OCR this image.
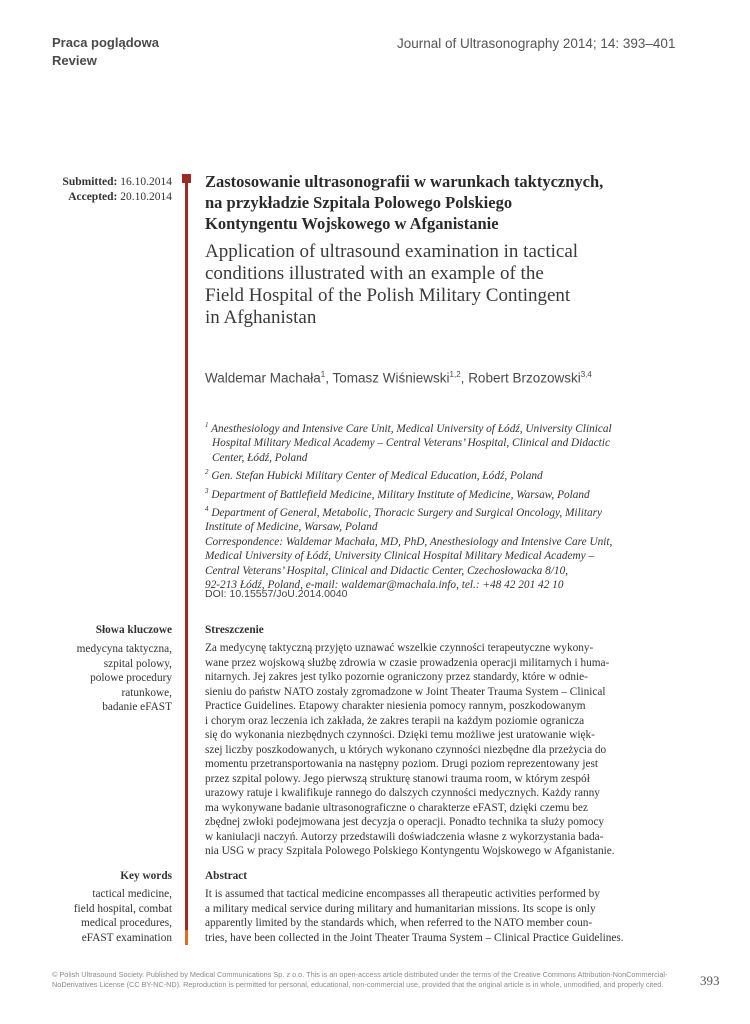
Praca poglądowa
Review
Journal of Ultrasonography 2014; 14: 393–401
Submitted: 16.10.2014
Accepted: 20.10.2014
Zastosowanie ultrasonografii w warunkach taktycznych,
na przykładzie Szpitala Polowego Polskiego
Kontyngentu Wojskowego w Afganistanie
Application of ultrasound examination in tactical
conditions illustrated with an example of the
Field Hospital of the Polish Military Contingent
in Afghanistan
Waldemar Machała$^1$, Tomasz Wiśniewski$^{1,2}$, Robert Brzozowski$^{3,4}$
$^1$ Anesthesiology and Intensive Care Unit, Medical University of Łódź, University Clinical
Hospital Military Medical Academy – Central Veterans’ Hospital, Clinical and Didactic
Center, Łódź, Poland
$^2$ Gen. Stefan Hubicki Military Center of Medical Education, Łódź, Poland
$^3$ Department of Battlefield Medicine, Military Institute of Medicine, Warsaw, Poland
$^4$ Department of General, Metabolic, Thoracic Surgery and Surgical Oncology, Military
Institute of Medicine, Warsaw, Poland
Correspondence: Waldemar Machała, MD, PhD, Anesthesiology and Intensive Care Unit,
Medical University of Łódź, University Clinical Hospital Military Medical Academy –
Central Veterans’ Hospital, Clinical and Didactic Center, Czechosłowacka 8/10,
92-213 Łódź, Poland, e-mail: waldemar@machala.info, tel.: +48 42 201 42 10
DOI: 10.15557/JoU.2014.0040
Słowa kluczowe
medycyna taktyczna,
szpital polowy,
polowe procedury
ratunkowe,
badanie eFAST
Streszczenie
Za medycynę taktyczną przyjęto uznawać wszelkie czynności terapeutyczne wykony-
wane przez wojskową służbę zdrowia w czasie prowadzenia operacji militarnych i huma-
nitarnych. Jej zakres jest tylko pozornie ograniczony przez standardy, które w odnie-
sieniu do państw NATO zostały zgromadzone w Joint Theater Trauma System – Clinical
Practice Guidelines. Etapowy charakter niesienia pomocy rannym, poszkodowanym
i chorym oraz leczenia ich zakłada, że zakres terapii na każdym poziomie ogranicza
się do wykonania niezbędnych czynności. Dzięki temu możliwe jest uratowanie więk-
szej liczby poszkodowanych, u których wykonano czynności niezbędne dla przeżycia do
momentu przetransportowania na następny poziom. Drugi poziom reprezentowany jest
przez szpital polowy. Jego pierwszą strukturę stanowi trauma room, w którym zespół
urazowy ratuje i kwalifikuje rannego do dalszych czynności medycznych. Każdy ranny
ma wykonywane badanie ultrasonograficzne o charakterze eFAST, dzięki czemu bez
zbędnej zwłoki podejmowana jest decyzja o operacji. Ponadto technika ta służy pomocy
w kaniulacji naczyń. Autorzy przedstawili doświadczenia własne z wykorzystania bada-
nia USG w pracy Szpitala Polowego Polskiego Kontyngentu Wojskowego w Afganistanie.
Key words
tactical medicine,
field hospital, combat
medical procedures,
eFAST examination
Abstract
It is assumed that tactical medicine encompasses all therapeutic activities performed by
a military medical service during military and humanitarian missions. Its scope is only
apparently limited by the standards which, when referred to the NATO member coun-
tries, have been collected in the Joint Theater Trauma System – Clinical Practice Guidelines.
© Polish Ultrasound Society. Published by Medical Communications Sp. z o.o. This is an open-access article distributed under the terms of the Creative Commons Attribution-NonCommercial-
NoDerivatives License (CC BY-NC-ND). Reproduction is permitted for personal, educational, non-commercial use, provided that the original article is in whole, unmodified, and properly cited.	393
